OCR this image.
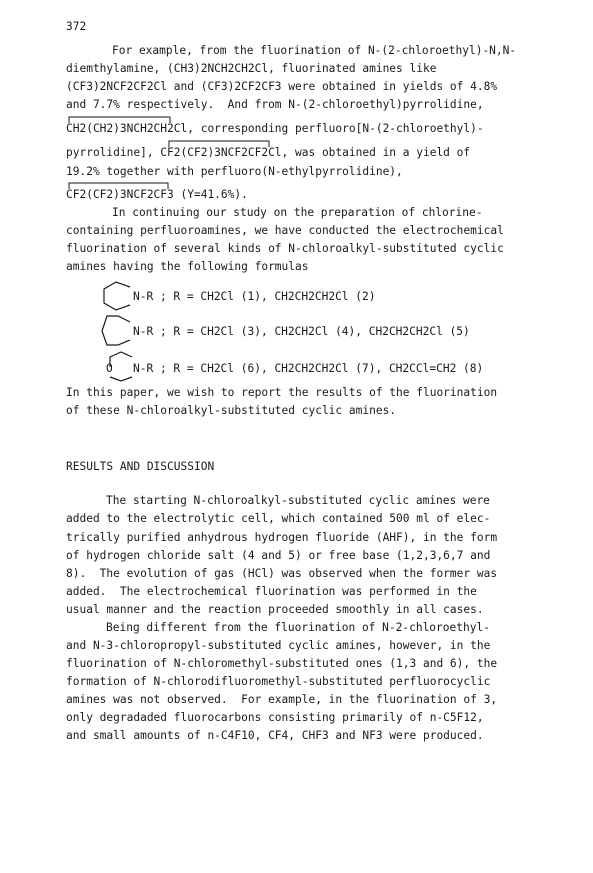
372
For example, from the fluorination of N-(2-chloroethyl)-N,N-
diemthylamine, (CH3)2NCH2CH2Cl, fluorinated amines like
(CF3)2NCF2CF2Cl and (CF3)2CF2CF3 were obtained in yields of 4.8%
and 7.7% respectively.  And from N-(2-chloroethyl)pyrrolidine,
CH2(CH2)3NCH2CH2Cl, corresponding perfluoro[N-(2-chloroethyl)-
pyrrolidine], CF2(CF2)3NCF2CF2Cl, was obtained in a yield of
19.2% together with perfluoro(N-ethylpyrrolidine),
CF2(CF2)3NCF2CF3 (Y=41.6%).
In continuing our study on the preparation of chlorine-
containing perfluoroamines, we have conducted the electrochemical
fluorination of several kinds of N-chloroalkyl-substituted cyclic
amines having the following formulas
N-R ; R = CH2Cl (1), CH2CH2CH2Cl (2)
N-R ; R = CH2Cl (3), CH2CH2Cl (4), CH2CH2CH2Cl (5)
O N-R ; R = CH2Cl (6), CH2CH2CH2Cl (7), CH2CCl=CH2 (8)
In this paper, we wish to report the results of the fluorination
of these N-chloroalkyl-substituted cyclic amines.
RESULTS AND DISCUSSION
The starting N-chloroalkyl-substituted cyclic amines were
added to the electrolytic cell, which contained 500 ml of elec-
trically purified anhydrous hydrogen fluoride (AHF), in the form
of hydrogen chloride salt (4 and 5) or free base (1,2,3,6,7 and
8).  The evolution of gas (HCl) was observed when the former was
added.  The electrochemical fluorination was performed in the
usual manner and the reaction proceeded smoothly in all cases.
Being different from the fluorination of N-2-chloroethyl-
and N-3-chloropropyl-substituted cyclic amines, however, in the
fluorination of N-chloromethyl-substituted ones (1,3 and 6), the
formation of N-chlorodifluoromethyl-substituted perfluorocyclic
amines was not observed.  For example, in the fluorination of 3,
only degradaded fluorocarbons consisting primarily of n-C5F12,
and small amounts of n-C4F10, CF4, CHF3 and NF3 were produced.
